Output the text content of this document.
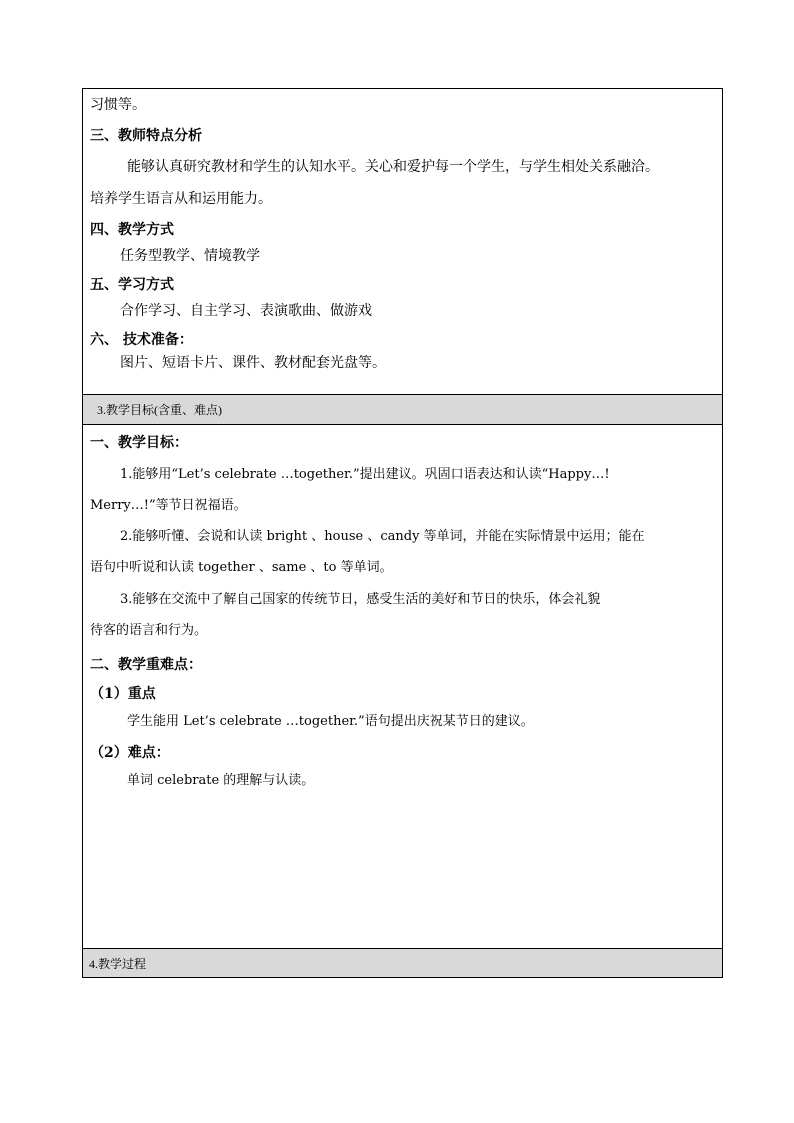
习惯等。
三、教师特点分析
能够认真研究教材和学生的认知水平。关心和爱护每一个学生，与学生相处关系融洽。
培养学生语言从和运用能力。
四、教学方式
任务型教学、情境教学
五、学习方式
合作学习、自主学习、表演歌曲、做游戏
六、 技术准备：
图片、短语卡片、课件、教材配套光盘等。
3.教学目标(含重、难点)
一、教学目标：
1.能够用“Let’s celebrate …together.”提出建议。巩固口语表达和认读“Happy…!
Merry…!”等节日祝福语。
2.能够听懂、会说和认读 bright 、house 、candy 等单词，并能在实际情景中运用；能在
语句中听说和认读 together 、same 、to 等单词。
3.能够在交流中了解自己国家的传统节日，感受生活的美好和节日的快乐，体会礼貌
待客的语言和行为。
二、教学重难点：
（1）重点
学生能用 Let’s celebrate …together.”语句提出庆祝某节日的建议。
（2）难点：
单词 celebrate 的理解与认读。
4.教学过程
